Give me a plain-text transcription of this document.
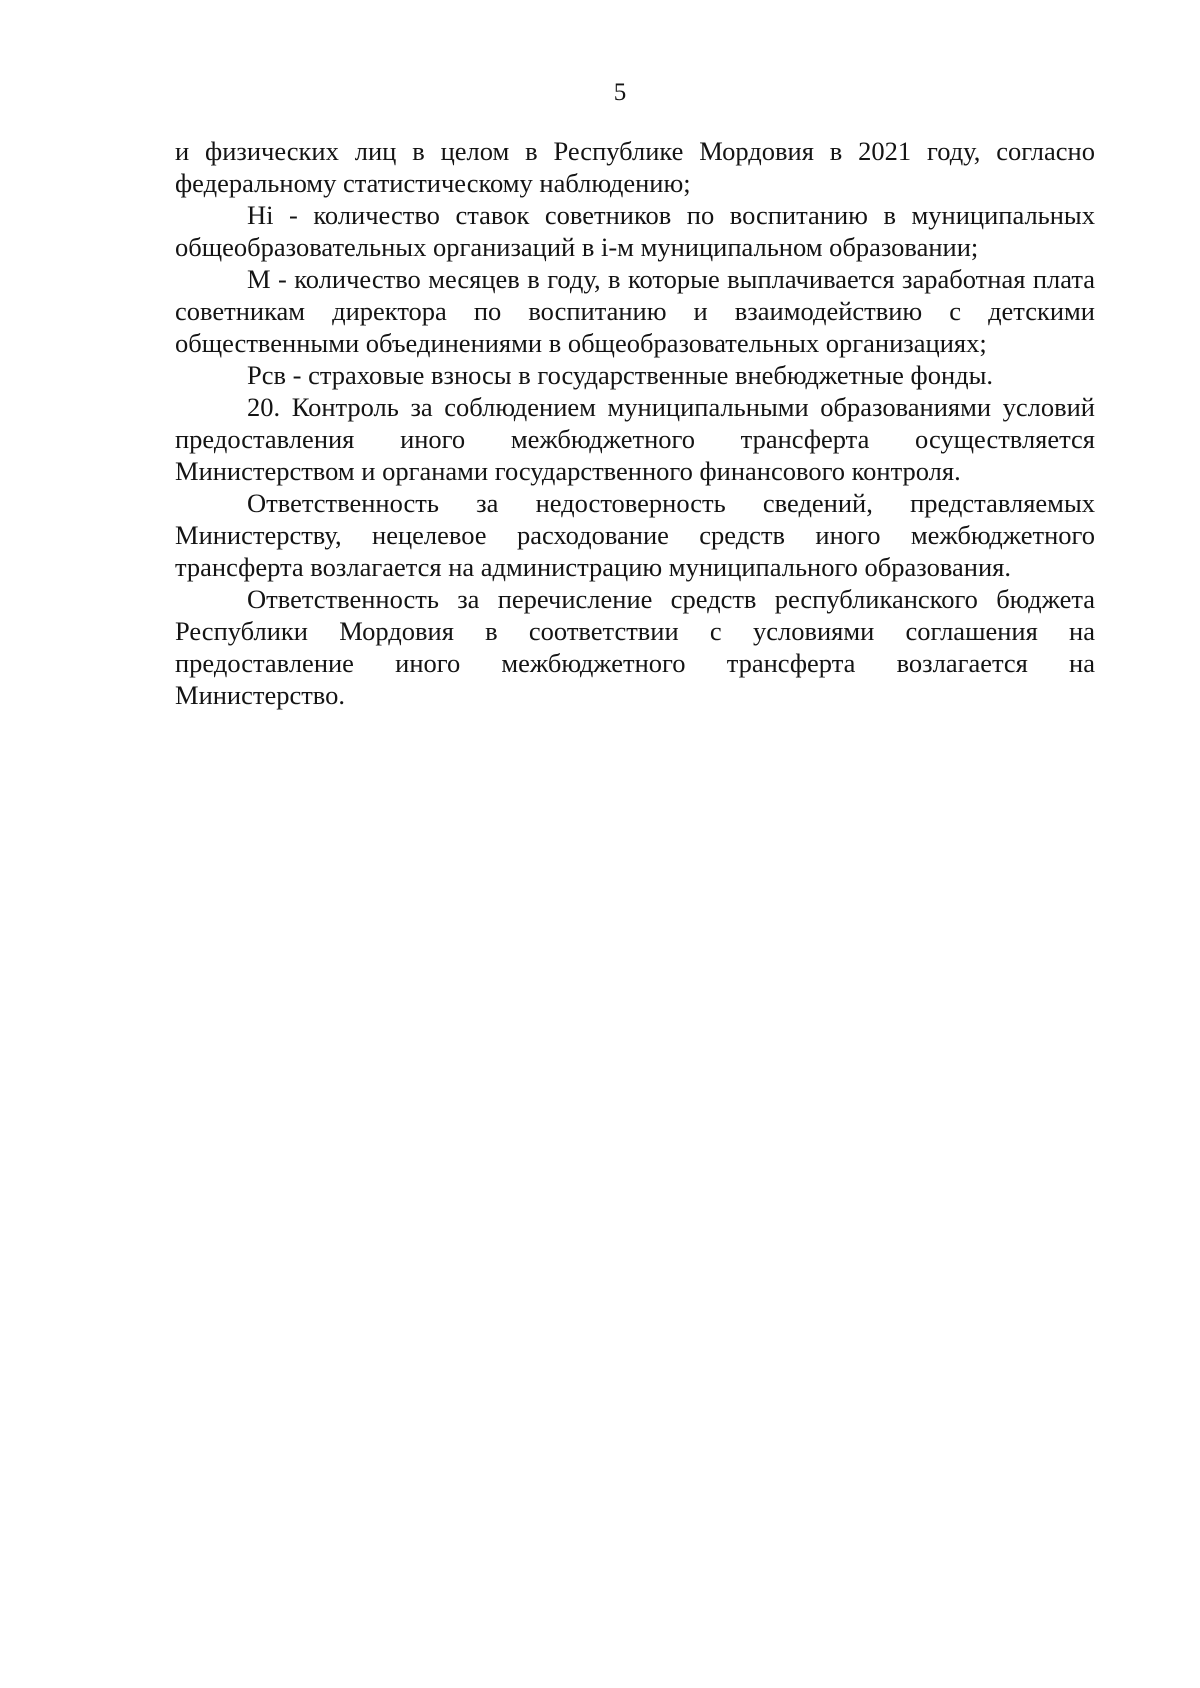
5

и физических лиц в целом в Республике Мордовия в 2021 году, согласно федеральному статистическому наблюдению;

Hi - количество ставок советников по воспитанию в муниципальных общеобразовательных организаций в i-м муниципальном образовании;

М - количество месяцев в году, в которые выплачивается заработная плата советникам директора по воспитанию и взаимодействию с детскими общественными объединениями в общеобразовательных организациях;

Рсв - страховые взносы в государственные внебюджетные фонды.

20. Контроль за соблюдением муниципальными образованиями условий предоставления иного межбюджетного трансферта осуществляется Министерством и органами государственного финансового контроля.

Ответственность за недостоверность сведений, представляемых Министерству, нецелевое расходование средств иного межбюджетного трансферта возлагается на администрацию муниципального образования.

Ответственность за перечисление средств республиканского бюджета Республики Мордовия в соответствии с условиями соглашения на предоставление иного межбюджетного трансферта возлагается на Министерство.
